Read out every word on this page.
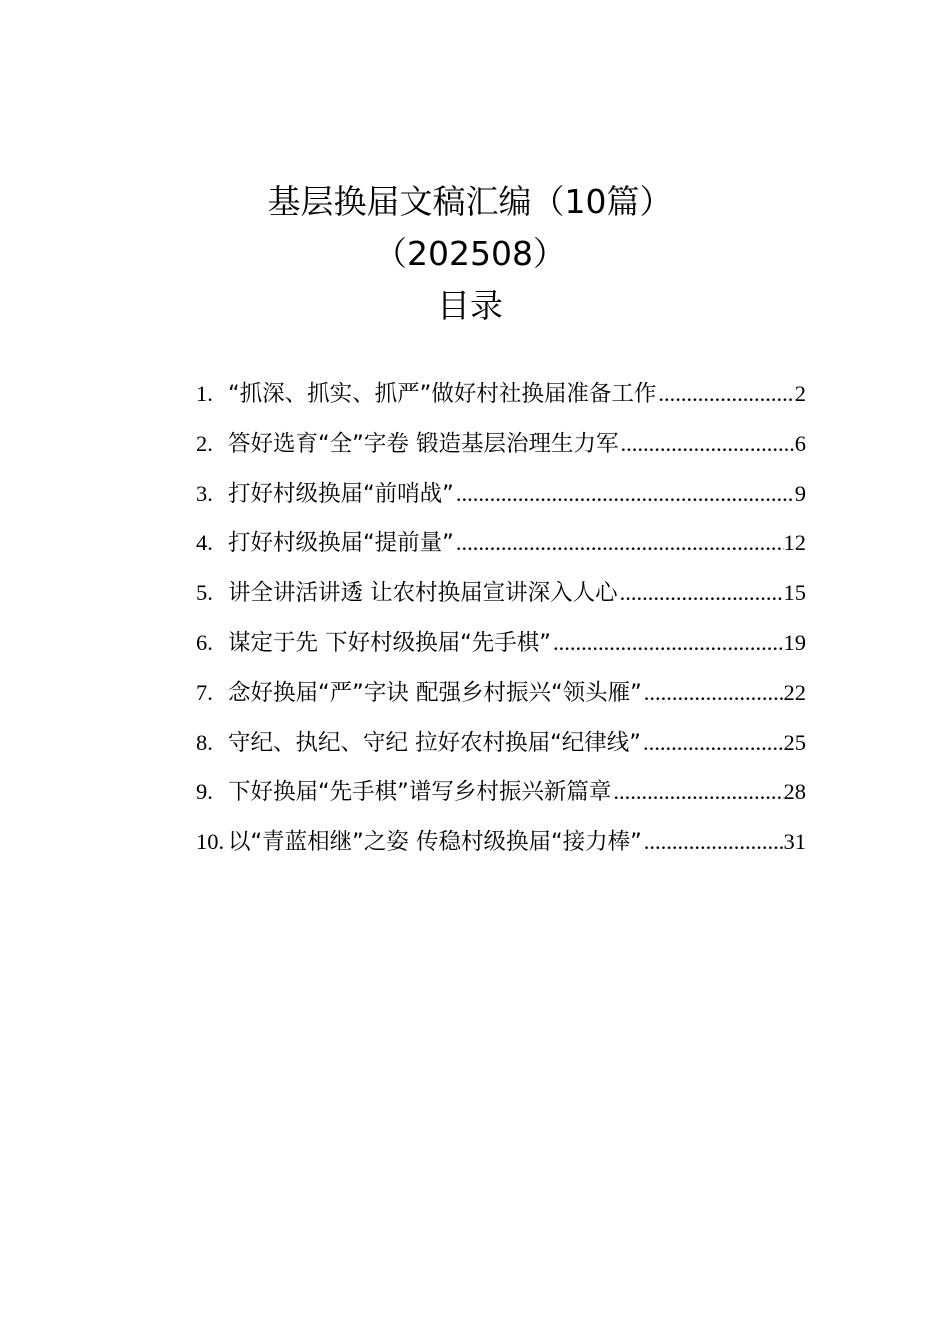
基层换届文稿汇编（10篇）
（202508）
目录
1. “抓深、抓实、抓严”做好村社换届准备工作 .....	2
2. 答好选育“全”字卷 锻造基层治理生力军 .....	6
3. 打好村级换届“前哨战” .....	9
4. 打好村级换届“提前量” .....	12
5. 讲全讲活讲透 让农村换届宣讲深入人心 .....	15
6. 谋定于先 下好村级换届“先手棋” .....	19
7. 念好换届“严”字诀 配强乡村振兴“领头雁” .....	22
8. 守纪、执纪、守纪 拉好农村换届“纪律线” .....	25
9. 下好换届“先手棋”谱写乡村振兴新篇章 .....	28
10. 以“青蓝相继”之姿 传稳村级换届“接力棒” .....	31
